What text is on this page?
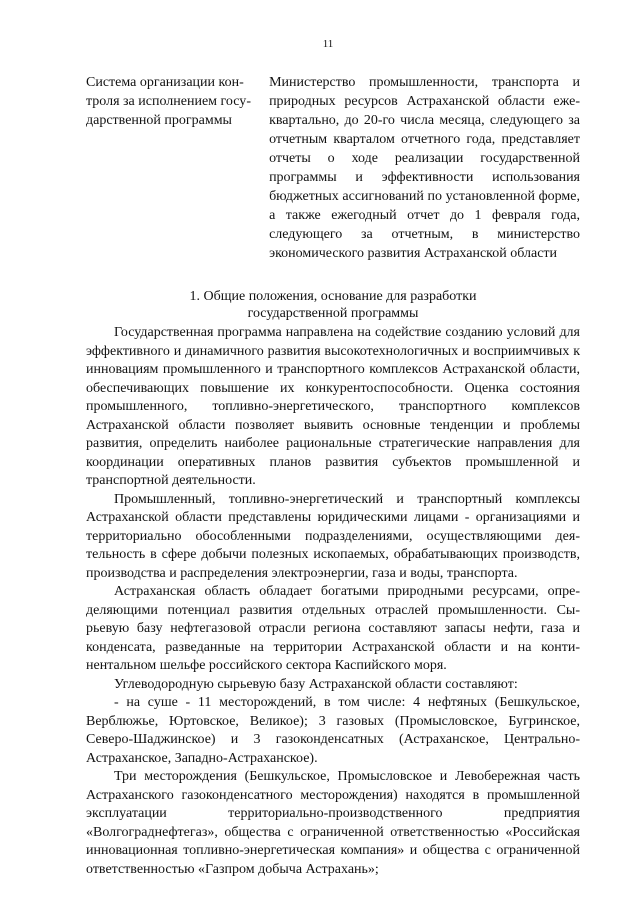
11
Система организации контроля за исполнением государственной программы
Министерство промышленности, транспорта и природных ресурсов Астраханской области ежеквартально, до 20-го числа месяца, следующего за отчетным кварталом отчетного года, представляет отчеты о ходе реализации государственной программы и эффективности использования бюджетных ассигнований по установленной форме, а также ежегодный отчет до 1 февраля года, следующего за отчетным, в министерство экономического развития Астраханской области
1. Общие положения, основание для разработки
государственной программы

Государственная программа направлена на содействие созданию условий для эффективного и динамичного развития высокотехнологичных и восприимчивых к инновациям промышленного и транспортного комплексов Астраханской области, обеспечивающих повышение их конкурентоспособности. Оценка состояния промышленного, топливно-энергетического, транспортного комплексов Астраханской области позволяет выявить основные тенденции и проблемы развития, определить наиболее рациональные стратегические направления для координации оперативных планов развития субъектов промышленной и транспортной деятельности.

Промышленный, топливно-энергетический и транспортный комплексы Астраханской области представлены юридическими лицами - организациями и территориально обособленными подразделениями, осуществляющими деятельность в сфере добычи полезных ископаемых, обрабатывающих производств, производства и распределения электроэнергии, газа и воды, транспорта.

Астраханская область обладает богатыми природными ресурсами, определяющими потенциал развития отдельных отраслей промышленности. Сырьевую базу нефтегазовой отрасли региона составляют запасы нефти, газа и конденсата, разведанные на территории Астраханской области и на континентальном шельфе российского сектора Каспийского моря.

Углеводородную сырьевую базу Астраханской области составляют:

- на суше - 11 месторождений, в том числе: 4 нефтяных (Бешкульское, Верблюжье, Юртовское, Великое); 3 газовых (Промысловское, Бугринское, Северо-Шаджинское) и 3 газоконденсатных (Астраханское, Центрально-Астраханское, Западно-Астраханское).

Три месторождения (Бешкульское, Промысловское и Левобережная часть Астраханского газоконденсатного месторождения) находятся в промышленной эксплуатации территориально-производственного предприятия «Волгограднефтегаз», общества с ограниченной ответственностью «Российская инновационная топливно-энергетическая компания» и общества с ограниченной ответственностью «Газпром добыча Астрахань»;
